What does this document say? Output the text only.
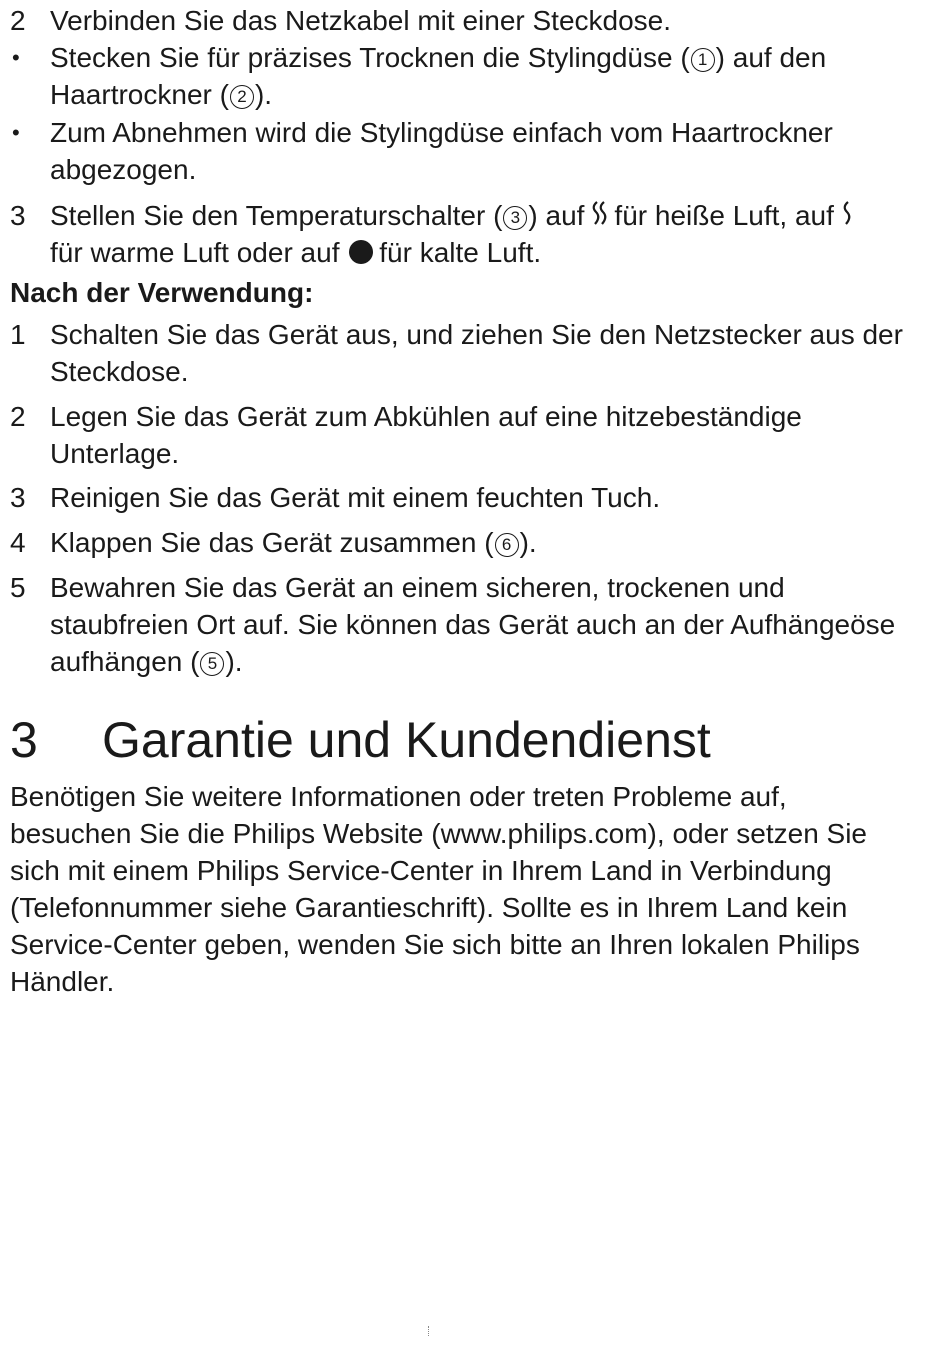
2 Verbinden Sie das Netzkabel mit einer Steckdose.
•	Stecken Sie für präzises Trocknen die Stylingdüse ( 1 ) auf den Haartrockner ( 2 ).
•	Zum Abnehmen wird die Stylingdüse einfach vom Haartrockner abgezogen.
3 Stellen Sie den Temperaturschalter ( 3 ) auf für heiße Luft, auf
für warme Luft oder auf für kalte Luft.
Nach der Verwendung:
1 Schalten Sie das Gerät aus, und ziehen Sie den Netzstecker aus der Steckdose.
2 Legen Sie das Gerät zum Abkühlen auf eine hitzebeständige Unterlage.
3 Reinigen Sie das Gerät mit einem feuchten Tuch.
4 Klappen Sie das Gerät zusammen ( 6 ).
5 Bewahren Sie das Gerät an einem sicheren, trockenen und staubfreien Ort auf. Sie können das Gerät auch an der Aufhängeöse aufhängen ( 5 ).
3 Garantie und Kundendienst
Benötigen Sie weitere Informationen oder treten Probleme auf, besuchen Sie die Philips Website (www.philips.com), oder setzen Sie sich mit einem Philips Service-Center in Ihrem Land in Verbindung (Telefonnummer siehe Garantieschrift). Sollte es in Ihrem Land kein Service-Center geben, wenden Sie sich bitte an Ihren lokalen Philips Händler.
